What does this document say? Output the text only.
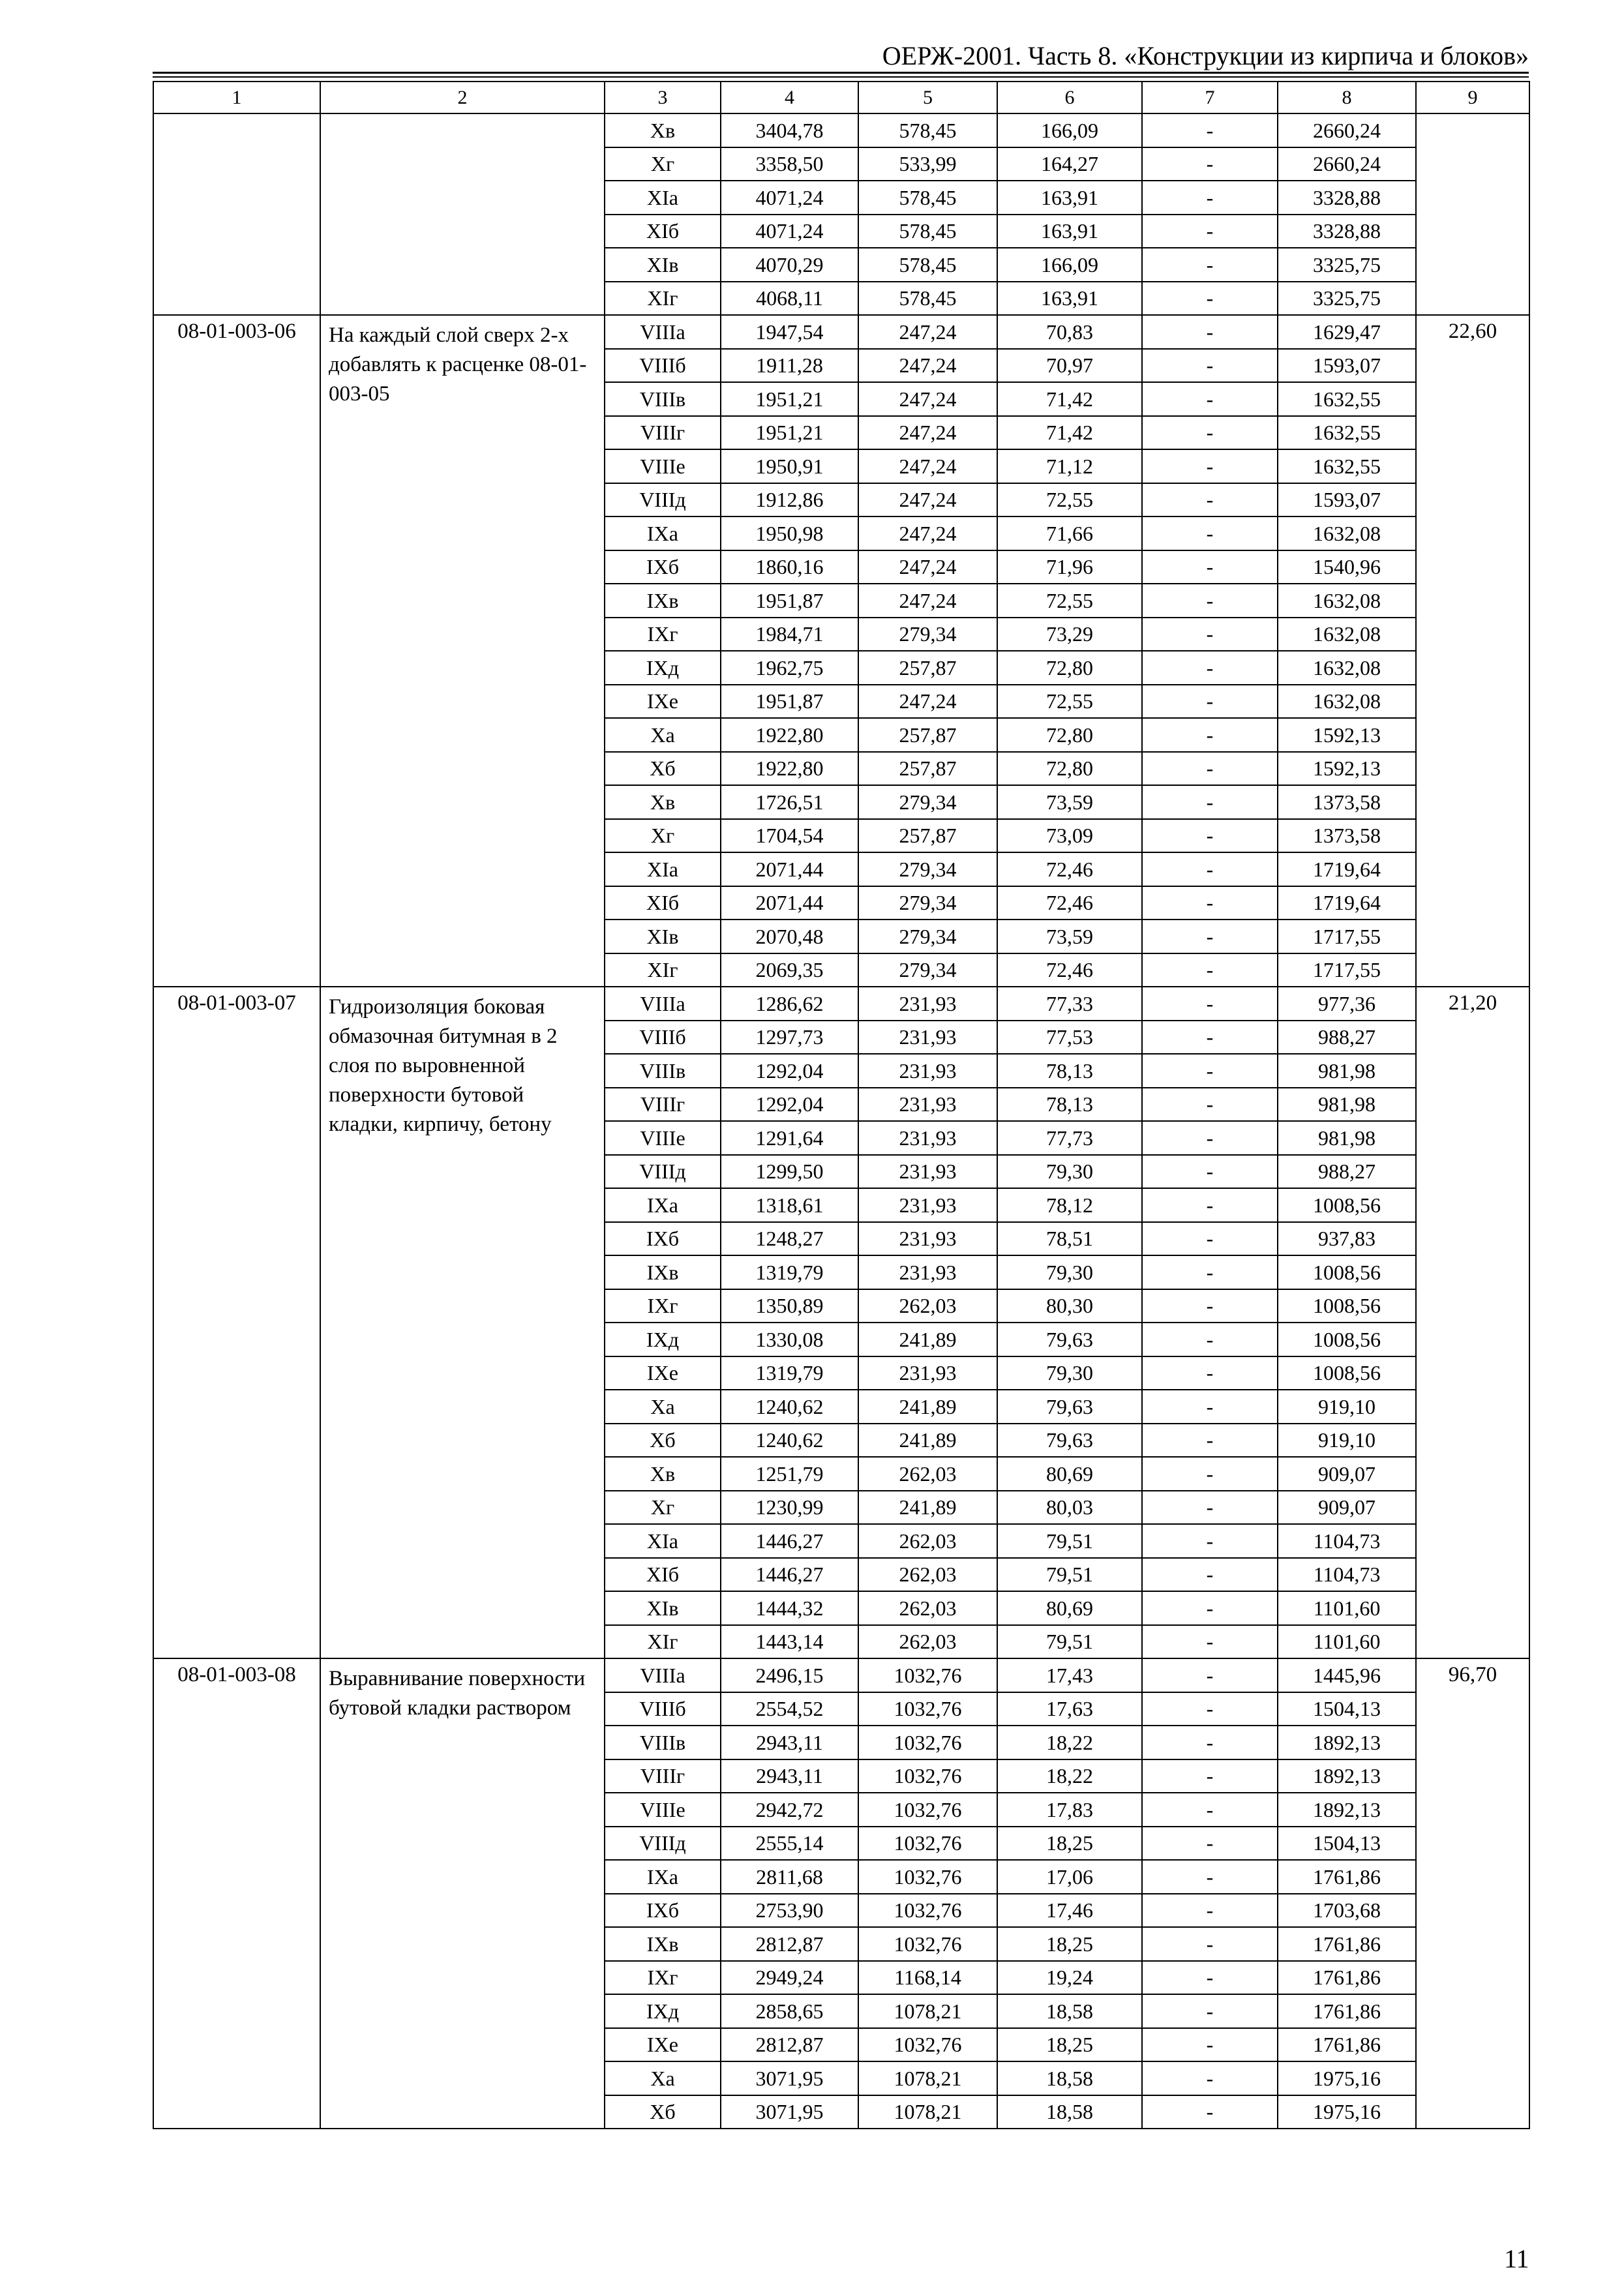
ОЕРЖ-2001. Часть 8. «Конструкции из кирпича и блоков»
1	2	3	4	5	6	7	8	9
		Xв	3404,78	578,45	166,09	-	2660,24	
		Xг	3358,50	533,99	164,27	-	2660,24	
		XIа	4071,24	578,45	163,91	-	3328,88	
		XIб	4071,24	578,45	163,91	-	3328,88	
		XIв	4070,29	578,45	166,09	-	3325,75	
		XIг	4068,11	578,45	163,91	-	3325,75	
08-01-003-06	На каждый слой сверх 2-х добавлять к расценке 08-01-003-05	VIIIа	1947,54	247,24	70,83	-	1629,47	22,60
		VIIIб	1911,28	247,24	70,97	-	1593,07	
		VIIIв	1951,21	247,24	71,42	-	1632,55	
		VIIIг	1951,21	247,24	71,42	-	1632,55	
		VIIIе	1950,91	247,24	71,12	-	1632,55	
		VIIIд	1912,86	247,24	72,55	-	1593,07	
		IXа	1950,98	247,24	71,66	-	1632,08	
		IXб	1860,16	247,24	71,96	-	1540,96	
		IXв	1951,87	247,24	72,55	-	1632,08	
		IXг	1984,71	279,34	73,29	-	1632,08	
		IXд	1962,75	257,87	72,80	-	1632,08	
		IXе	1951,87	247,24	72,55	-	1632,08	
		Xа	1922,80	257,87	72,80	-	1592,13	
		Xб	1922,80	257,87	72,80	-	1592,13	
		Xв	1726,51	279,34	73,59	-	1373,58	
		Xг	1704,54	257,87	73,09	-	1373,58	
		XIа	2071,44	279,34	72,46	-	1719,64	
		XIб	2071,44	279,34	72,46	-	1719,64	
		XIв	2070,48	279,34	73,59	-	1717,55	
		XIг	2069,35	279,34	72,46	-	1717,55	
08-01-003-07	Гидроизоляция боковая обмазочная битумная в 2 слоя по выровненной поверхности бутовой кладки, кирпичу, бетону	VIIIа	1286,62	231,93	77,33	-	977,36	21,20
		VIIIб	1297,73	231,93	77,53	-	988,27	
		VIIIв	1292,04	231,93	78,13	-	981,98	
		VIIIг	1292,04	231,93	78,13	-	981,98	
		VIIIе	1291,64	231,93	77,73	-	981,98	
		VIIIд	1299,50	231,93	79,30	-	988,27	
		IXа	1318,61	231,93	78,12	-	1008,56	
		IXб	1248,27	231,93	78,51	-	937,83	
		IXв	1319,79	231,93	79,30	-	1008,56	
		IXг	1350,89	262,03	80,30	-	1008,56	
		IXд	1330,08	241,89	79,63	-	1008,56	
		IXе	1319,79	231,93	79,30	-	1008,56	
		Xа	1240,62	241,89	79,63	-	919,10	
		Xб	1240,62	241,89	79,63	-	919,10	
		Xв	1251,79	262,03	80,69	-	909,07	
		Xг	1230,99	241,89	80,03	-	909,07	
		XIа	1446,27	262,03	79,51	-	1104,73	
		XIб	1446,27	262,03	79,51	-	1104,73	
		XIв	1444,32	262,03	80,69	-	1101,60	
		XIг	1443,14	262,03	79,51	-	1101,60	
08-01-003-08	Выравнивание поверхности бутовой кладки раствором	VIIIа	2496,15	1032,76	17,43	-	1445,96	96,70
		VIIIб	2554,52	1032,76	17,63	-	1504,13	
		VIIIв	2943,11	1032,76	18,22	-	1892,13	
		VIIIг	2943,11	1032,76	18,22	-	1892,13	
		VIIIе	2942,72	1032,76	17,83	-	1892,13	
		VIIIд	2555,14	1032,76	18,25	-	1504,13	
		IXа	2811,68	1032,76	17,06	-	1761,86	
		IXб	2753,90	1032,76	17,46	-	1703,68	
		IXв	2812,87	1032,76	18,25	-	1761,86	
		IXг	2949,24	1168,14	19,24	-	1761,86	
		IXд	2858,65	1078,21	18,58	-	1761,86	
		IXе	2812,87	1032,76	18,25	-	1761,86	
		Xа	3071,95	1078,21	18,58	-	1975,16	
		Xб	3071,95	1078,21	18,58	-	1975,16	
11
